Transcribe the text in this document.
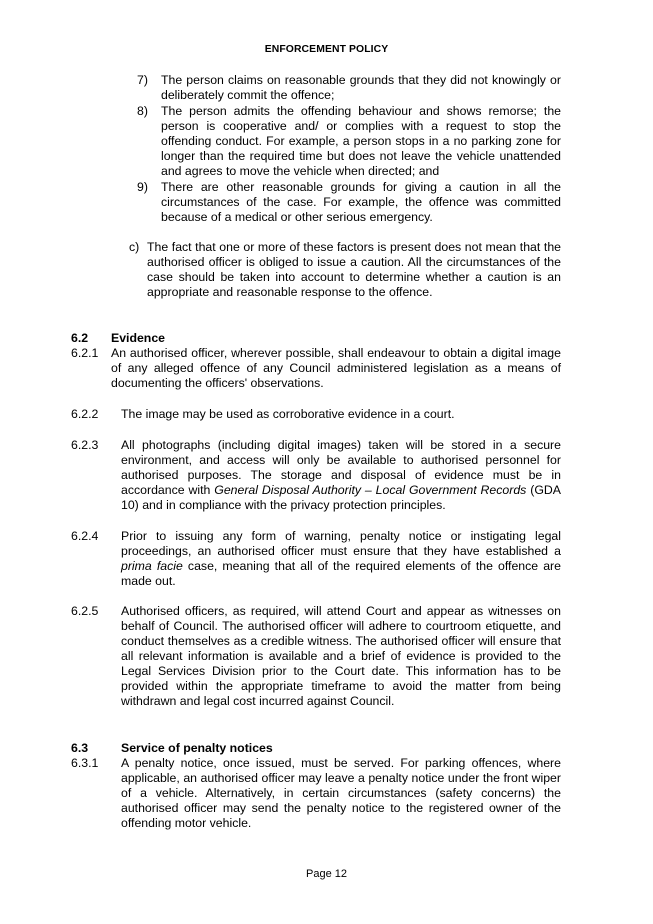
ENFORCEMENT POLICY
7) The person claims on reasonable grounds that they did not knowingly or deliberately commit the offence;

8) The person admits the offending behaviour and shows remorse; the person is cooperative and/ or complies with a request to stop the offending conduct. For example, a person stops in a no parking zone for longer than the required time but does not leave the vehicle unattended and agrees to move the vehicle when directed; and

9) There are other reasonable grounds for giving a caution in all the circumstances of the case. For example, the offence was committed because of a medical or other serious emergency.

c) The fact that one or more of these factors is present does not mean that the authorised officer is obliged to issue a caution. All the circumstances of the case should be taken into account to determine whether a caution is an appropriate and reasonable response to the offence.

6.2 Evidence
6.2.1 An authorised officer, wherever possible, shall endeavour to obtain a digital image of any alleged offence of any Council administered legislation as a means of documenting the officers' observations.

6.2.2 The image may be used as corroborative evidence in a court.

6.2.3 All photographs (including digital images) taken will be stored in a secure environment, and access will only be available to authorised personnel for authorised purposes. The storage and disposal of evidence must be in accordance with General Disposal Authority – Local Government Records (GDA 10) and in compliance with the privacy protection principles.

6.2.4 Prior to issuing any form of warning, penalty notice or instigating legal proceedings, an authorised officer must ensure that they have established a prima facie case, meaning that all of the required elements of the offence are made out.

6.2.5 Authorised officers, as required, will attend Court and appear as witnesses on behalf of Council. The authorised officer will adhere to courtroom etiquette, and conduct themselves as a credible witness. The authorised officer will ensure that all relevant information is available and a brief of evidence is provided to the Legal Services Division prior to the Court date. This information has to be provided within the appropriate timeframe to avoid the matter from being withdrawn and legal cost incurred against Council.

6.3	Service of penalty notices
6.3.1 A penalty notice, once issued, must be served. For parking offences, where applicable, an authorised officer may leave a penalty notice under the front wiper of a vehicle. Alternatively, in certain circumstances (safety concerns) the authorised officer may send the penalty notice to the registered owner of the offending motor vehicle.

Page 12
